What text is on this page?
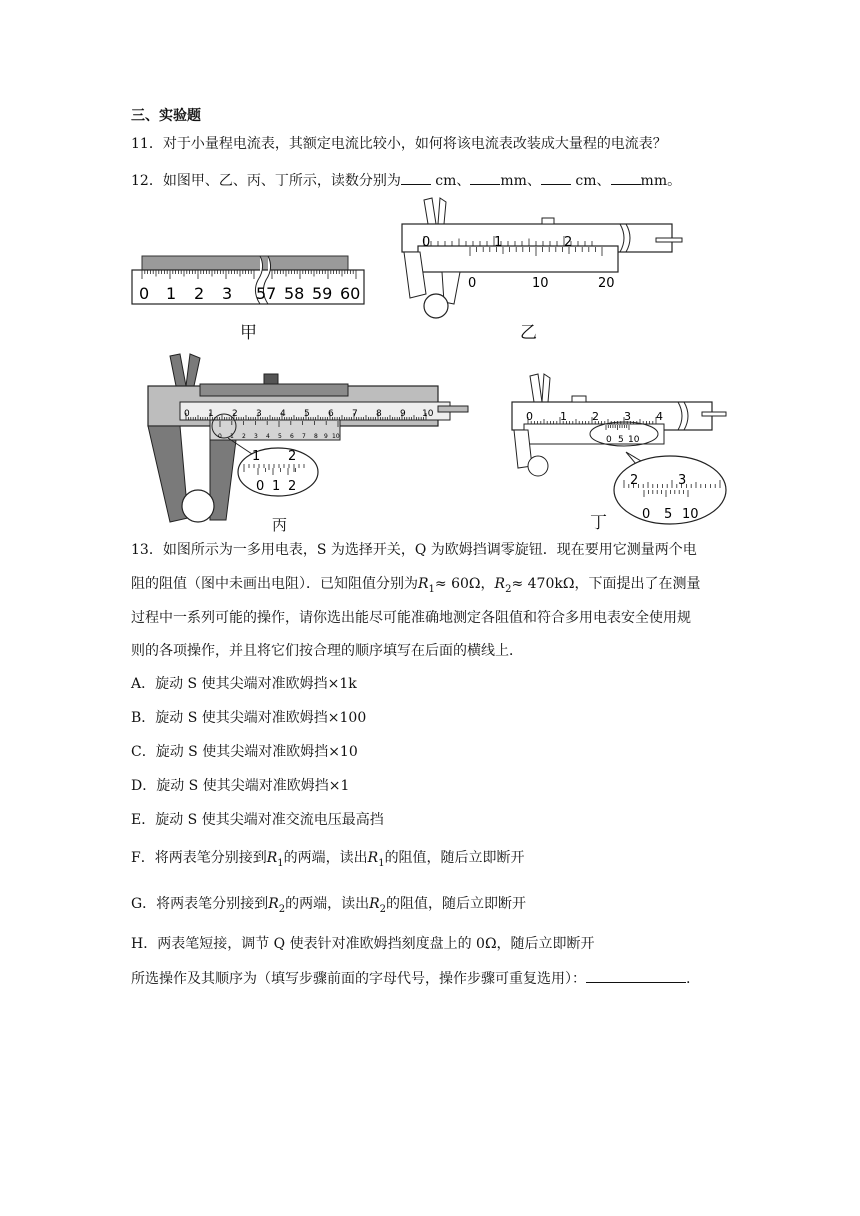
三、实验题
11．对于小量程电流表，其额定电流比较小，如何将该电流表改装成大量程的电流表？
12．如图甲、乙、丙、丁所示，读数分别为 cm、 mm、 cm、 mm。
0 1 2 3 57 58 59 60
甲
0	1	2
0	10	20
乙
0 1 2 3 4 5 6 7 8 9 10
0 1 2 3 4 5 6 7 8 9 10
1 2
0 1 2
丙
0 1 2 3 4
0 5 10
2	3
0 5 10
丁
13．如图所示为一多用电表，S 为选择开关，Q 为欧姆挡调零旋钮．现在要用它测量两个电
阻的阻值（图中未画出电阻）．已知阻值分别为$R_1\approx 60\Omega$，$R_2\approx 470k\Omega$，下面提出了在测量
过程中一系列可能的操作，请你选出能尽可能准确地测定各阻值和符合多用电表安全使用规
则的各项操作，并且将它们按合理的顺序填写在后面的横线上．
A．旋动 S 使其尖端对准欧姆挡×1k
B．旋动 S 使其尖端对准欧姆挡×100
C．旋动 S 使其尖端对准欧姆挡×10
D．旋动 S 使其尖端对准欧姆挡×1
E．旋动 S 使其尖端对准交流电压最高挡
F．将两表笔分别接到$R_1$的两端，读出$R_1$的阻值，随后立即断开
G．将两表笔分别接到$R_2$的两端，读出$R_2$的阻值，随后立即断开
H．两表笔短接，调节 Q 使表针对准欧姆挡刻度盘上的 0Ω，随后立即断开
所选操作及其顺序为（填写步骤前面的字母代号，操作步骤可重复选用）：	.
